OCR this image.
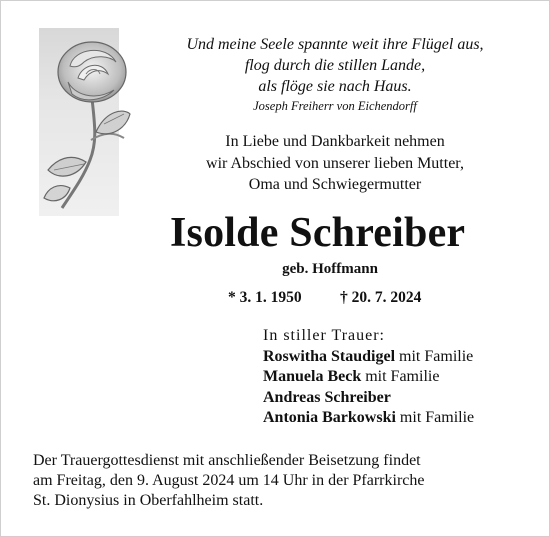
Und meine Seele spannte weit ihre Flügel aus,
flog durch die stillen Lande,
als flöge sie nach Haus.
Joseph Freiherr von Eichendorff
In Liebe und Dankbarkeit nehmen
wir Abschied von unserer lieben Mutter,
Oma und Schwiegermutter
Isolde Schreiber
geb. Hoffmann
* 3. 1. 1950 † 20. 7. 2024
In stiller Trauer:
Roswitha Staudigel mit Familie
Manuela Beck mit Familie
Andreas Schreiber
Antonia Barkowski mit Familie
Der Trauergottesdienst mit anschließender Beisetzung findet
am Freitag, den 9. August 2024 um 14 Uhr in der Pfarrkirche
St. Dionysius in Oberfahlheim statt.
